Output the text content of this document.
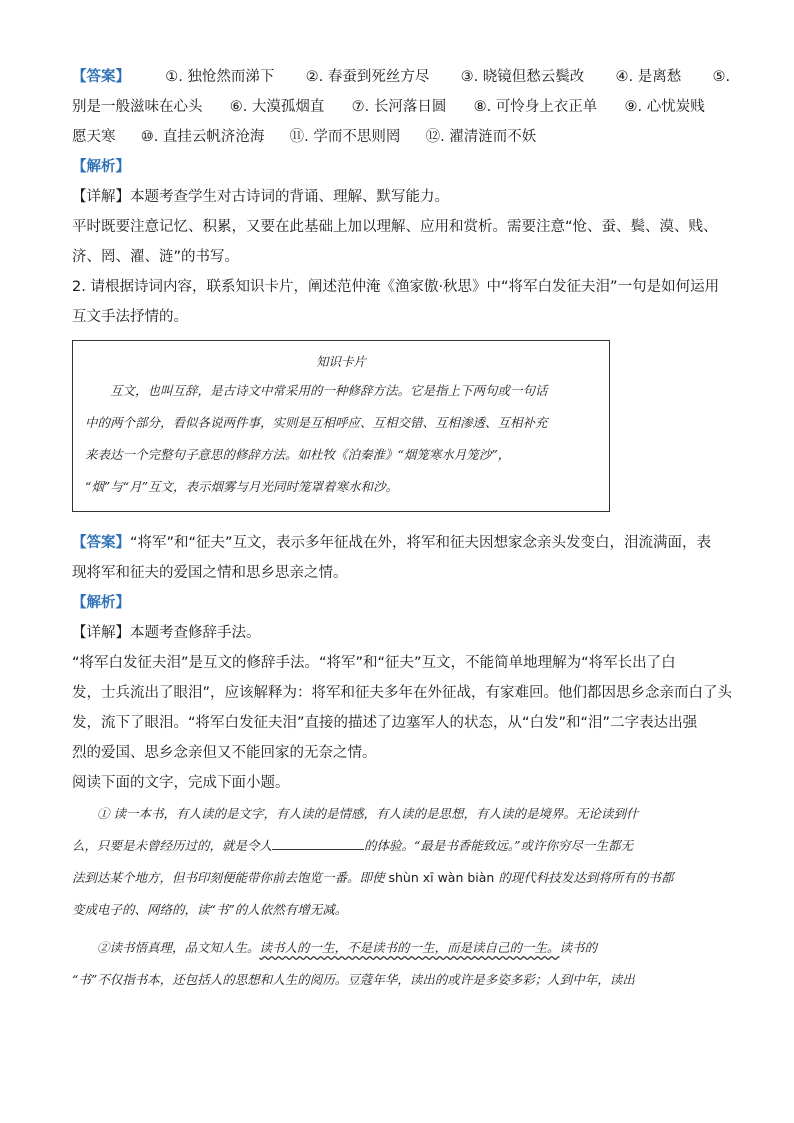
【答案】 ①. 独怆然而涕下 ②. 春蚕到死丝方尽 ③. 晓镜但愁云鬓改 ④. 是离愁 ⑤.
别是一般滋味在心头 ⑥. 大漠孤烟直 ⑦. 长河落日圆 ⑧. 可怜身上衣正单 ⑨. 心忧炭贱
愿天寒 ⑩. 直挂云帆济沧海 ⑪. 学而不思则罔 ⑫. 濯清涟而不妖
【解析】
【详解】本题考查学生对古诗词的背诵、理解、默写能力。
平时既要注意记忆、积累，又要在此基础上加以理解、应用和赏析。需要注意“怆、蚕、鬓、漠、贱、
济、罔、濯、涟”的书写。
2. 请根据诗词内容，联系知识卡片，阐述范仲淹《渔家傲·秋思》中“将军白发征夫泪”一句是如何运用
互文手法抒情的。
知识卡片
　　互文，也叫互辞，是古诗文中常采用的一种修辞方法。它是指上下两句或一句话
中的两个部分，看似各说两件事，实则是互相呼应、互相交错、互相渗透、互相补充
来表达一个完整句子意思的修辞方法。如杜牧《泊秦淮》“烟笼寒水月笼沙”，
“烟”与“月”互文，表示烟雾与月光同时笼罩着寒水和沙。
【答案】“将军”和“征夫”互文，表示多年征战在外，将军和征夫因想家念亲头发变白，泪流满面，表
现将军和征夫的爱国之情和思乡思亲之情。
【解析】
【详解】本题考查修辞手法。
“将军白发征夫泪”是互文的修辞手法。“将军”和“征夫”互文，不能简单地理解为“将军长出了白
发，士兵流出了眼泪”，应该解释为：将军和征夫多年在外征战，有家难回。他们都因思乡念亲而白了头
发，流下了眼泪。“将军白发征夫泪”直接的描述了边塞军人的状态，从“白发”和“泪”二字表达出强
烈的爱国、思乡念亲但又不能回家的无奈之情。
阅读下面的文字，完成下面小题。
　　① 读一本书，有人读的是文字，有人读的是情感，有人读的是思想，有人读的是境界。无论读到什
么，只要是未曾经历过的，就是令人	的体验。“最是书香能致远。”或许你穷尽一生都无
法到达某个地方，但书印刻便能带你前去饱览一番。即使 shùn xī wàn biàn 的现代科技发达到将所有的书都
变成电子的、网络的，读“书”的人依然有增无减。
　　②读书悟真理，品文知人生。读书人的一生，不是读书的一生，而是读自己的一生。读书的
“书”不仅指书本，还包括人的思想和人生的阅历。豆蔻年华，读出的或许是多姿多彩；人到中年，读出
